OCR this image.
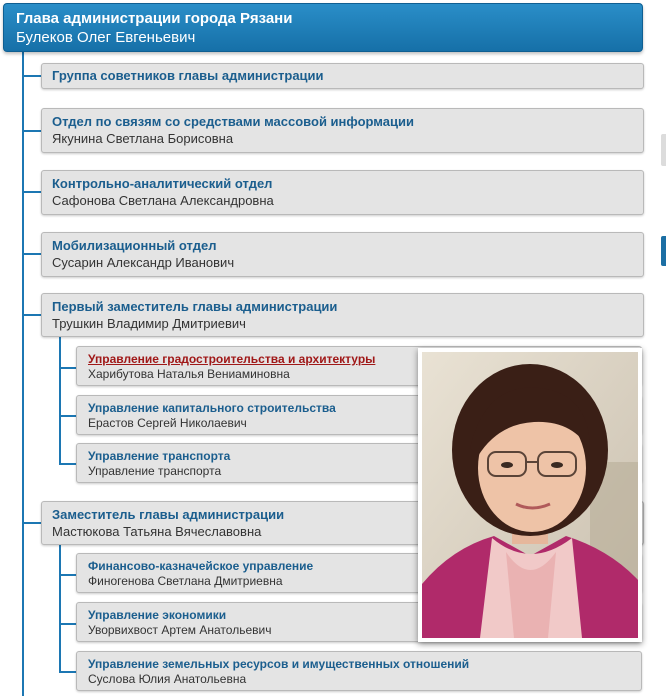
Глава администрации города Рязани
Булеков Олег Евгеньевич
Группа советников главы администрации
Отдел по связям со средствами массовой информации
Якунина Светлана Борисовна
Контрольно-аналитический отдел
Сафонова Светлана Александровна
Мобилизационный отдел
Сусарин Александр Иванович
Первый заместитель главы администрации
Трушкин Владимир Дмитриевич
Управление градостроительства и архитектуры
Харибутова Наталья Вениаминовна
Управление капитального строительства
Ерастов Сергей Николаевич
Управление транспорта
Управление транспорта
Заместитель главы администрации
Мастюкова Татьяна Вячеславовна
Финансово-казначейское управление
Финогенова Светлана Дмитриевна
Управление экономики
Уворвихвост Артем Анатольевич
Управление земельных ресурсов и имущественных отношений
Суслова Юлия Анатольевна
